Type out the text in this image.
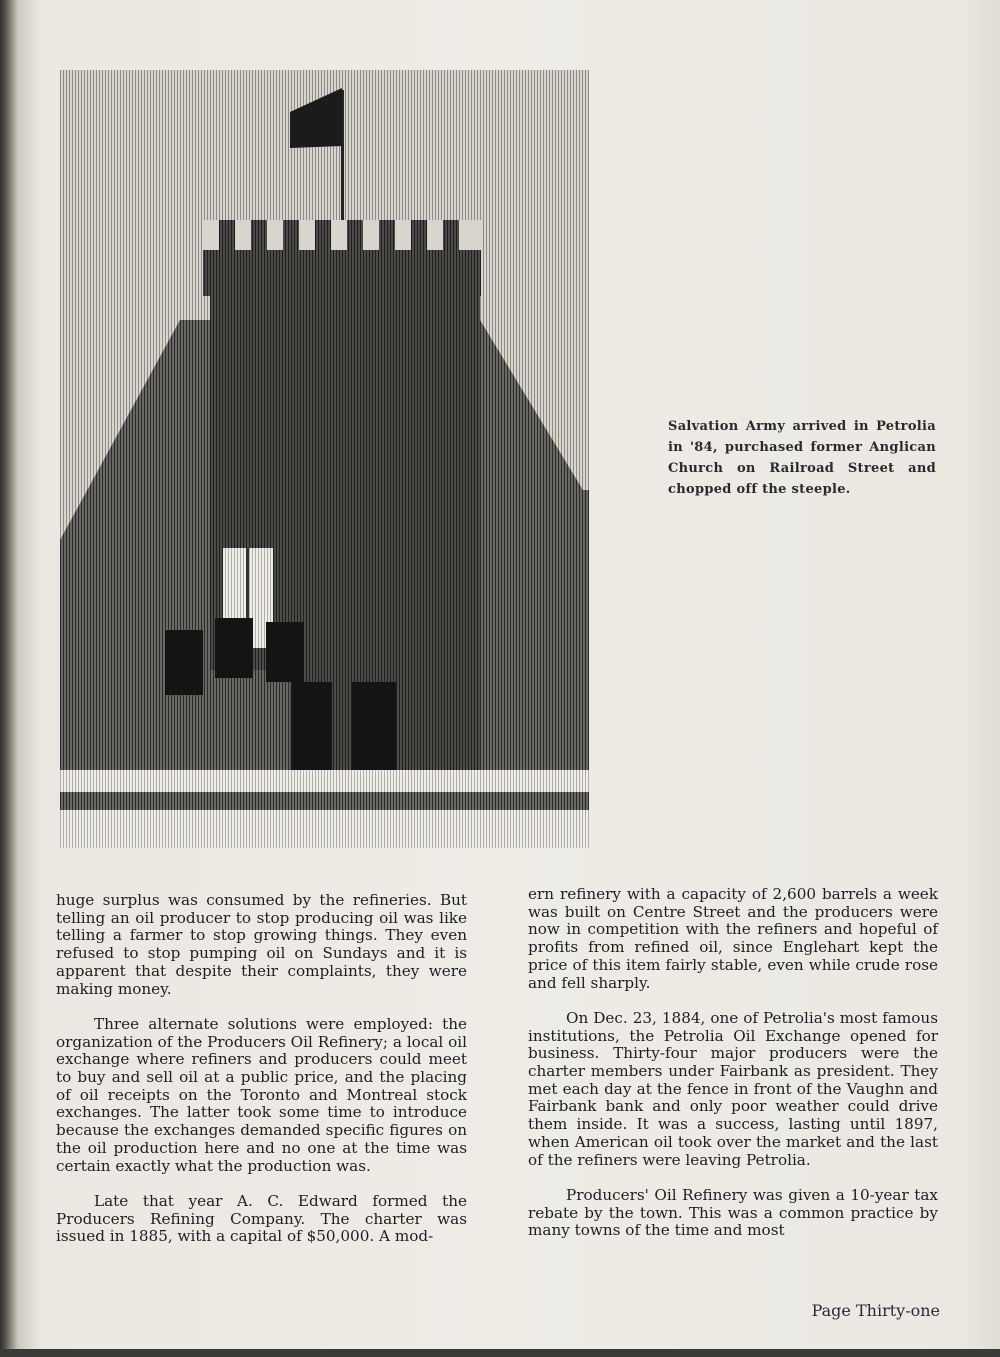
Salvation Army arrived in Petrolia in '84, purchased former Anglican Church on Railroad Street and chopped off the steeple.

huge surplus was consumed by the refineries. But telling an oil producer to stop producing oil was like telling a farmer to stop growing things. They even refused to stop pumping oil on Sundays and it is apparent that despite their complaints, they were making money.

Three alternate solutions were employed: the organization of the Producers Oil Refinery; a local oil exchange where refiners and producers could meet to buy and sell oil at a public price, and the placing of oil receipts on the Toronto and Montreal stock exchanges. The latter took some time to introduce because the exchanges demanded specific figures on the oil production here and no one at the time was certain exactly what the production was.

Late that year A. C. Edward formed the Producers Refining Company. The charter was issued in 1885, with a capital of $50,000. A mod-

ern refinery with a capacity of 2,600 barrels a week was built on Centre Street and the producers were now in competition with the refiners and hopeful of profits from refined oil, since Englehart kept the price of this item fairly stable, even while crude rose and fell sharply.

On Dec. 23, 1884, one of Petrolia's most famous institutions, the Petrolia Oil Exchange opened for business. Thirty-four major producers were the charter members under Fairbank as president. They met each day at the fence in front of the Vaughn and Fairbank bank and only poor weather could drive them inside. It was a success, lasting until 1897, when American oil took over the market and the last of the refiners were leaving Petrolia.

Producers' Oil Refinery was given a 10-year tax rebate by the town. This was a common practice by many towns of the time and most

Page Thirty-one
